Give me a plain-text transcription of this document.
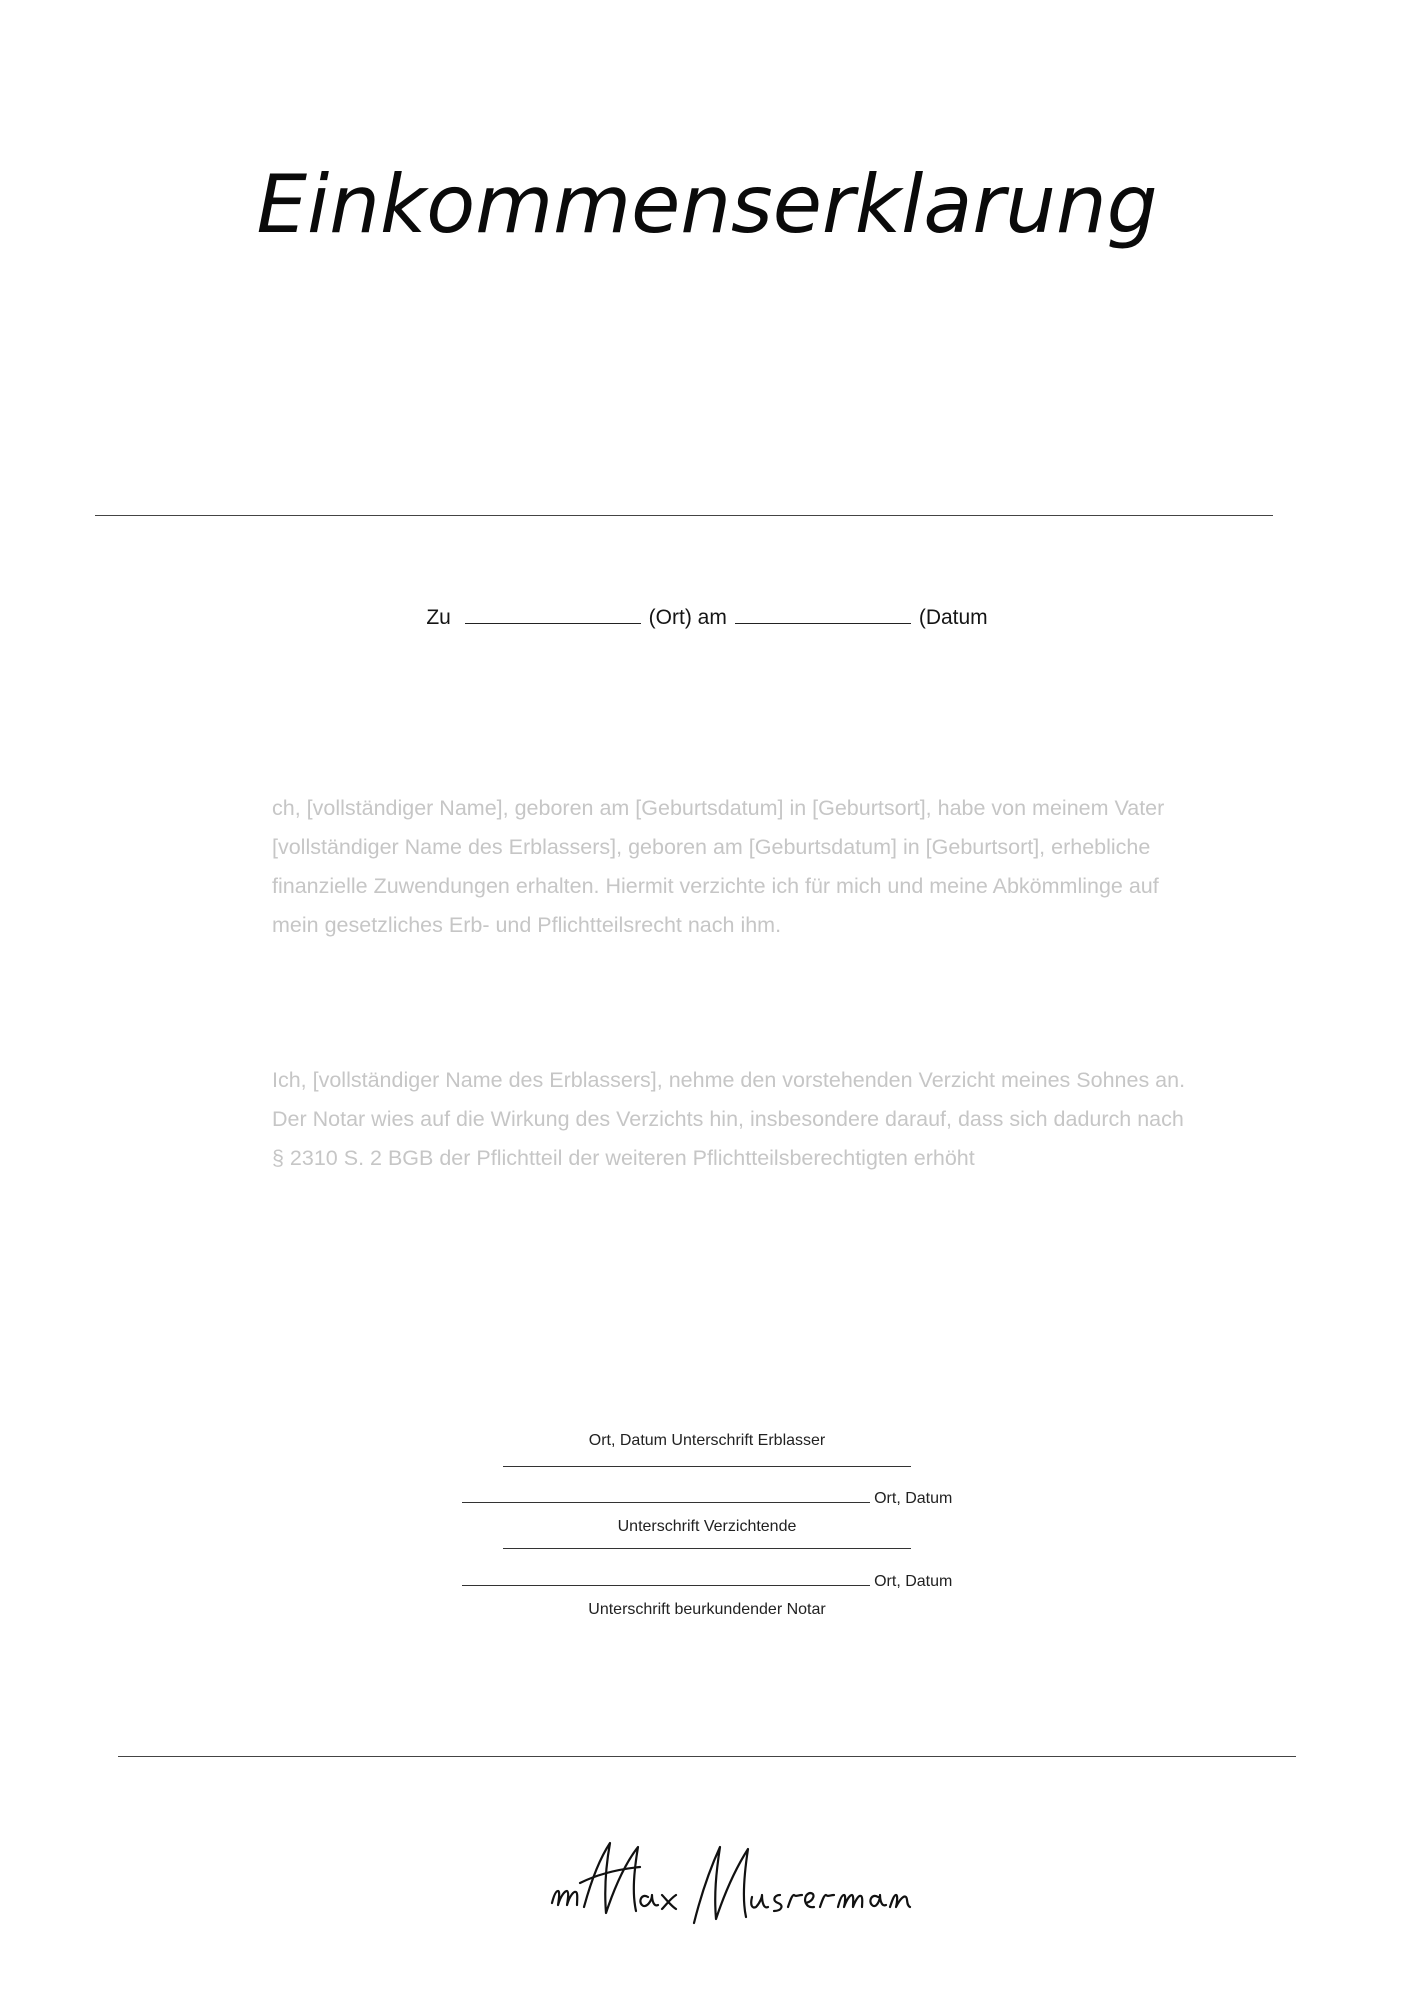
Einkommenserklarung
Zu	(Ort) am	(Datum
ch, [vollständiger Name], geboren am [Geburtsdatum] in [Geburtsort], habe von meinem Vater [vollständiger Name des Erblassers], geboren am [Geburtsdatum] in [Geburtsort], erhebliche finanzielle Zuwendungen erhalten. Hiermit verzichte ich für mich und meine Abkömmlinge auf mein gesetzliches Erb- und Pflichtteilsrecht nach ihm.
Ich, [vollständiger Name des Erblassers], nehme den vorstehenden Verzicht meines Sohnes an. Der Notar wies auf die Wirkung des Verzichts hin, insbesondere darauf, dass sich dadurch nach § 2310 S. 2 BGB der Pflichtteil der weiteren Pflichtteilsberechtigten erhöht
Ort, Datum Unterschrift Erblasser
Ort, Datum
Unterschrift Verzichtende
Ort, Datum
Unterschrift beurkundender Notar
